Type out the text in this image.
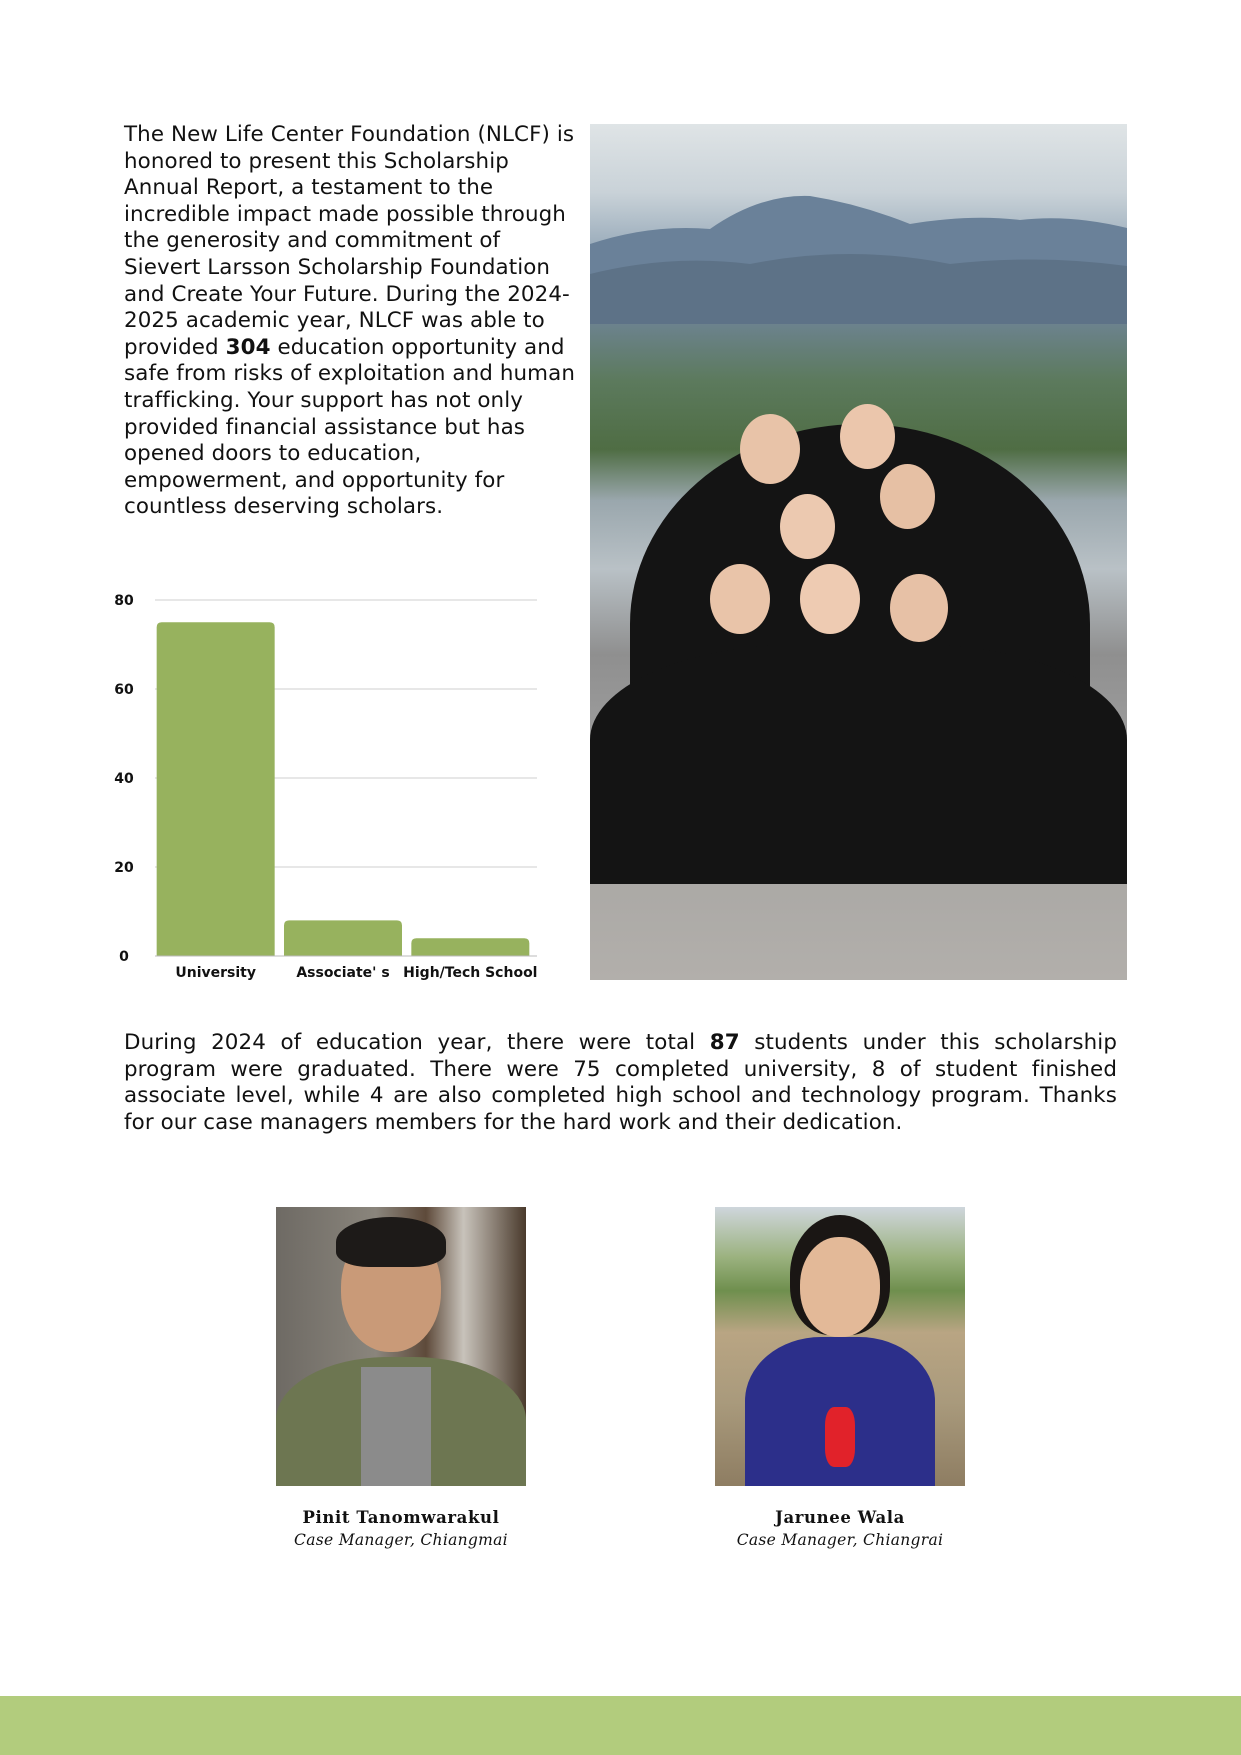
The New Life Center Foundation (NLCF) is honored to present this Scholarship Annual Report, a testament to the incredible impact made possible through the generosity and commitment of Sievert Larsson Scholarship Foundation and Create Your Future. During the 2024-2025 academic year, NLCF was able to provided 304 education opportunity and safe from risks of exploitation and human trafficking. Your support has not only provided financial assistance but has opened doors to education, empowerment, and opportunity for countless deserving scholars.
0
20
40
60
80
University	Associate' s High/Tech School
During 2024 of education year, there were total 87 students under this scholarship program were graduated. There were 75 completed university, 8 of student finished associate level, while 4 are also completed high school and technology program. Thanks for our case managers members for the hard work and their dedication.
Pinit Tanomwarakul
Case Manager, Chiangmai
Jarunee Wala
Case Manager, Chiangrai
